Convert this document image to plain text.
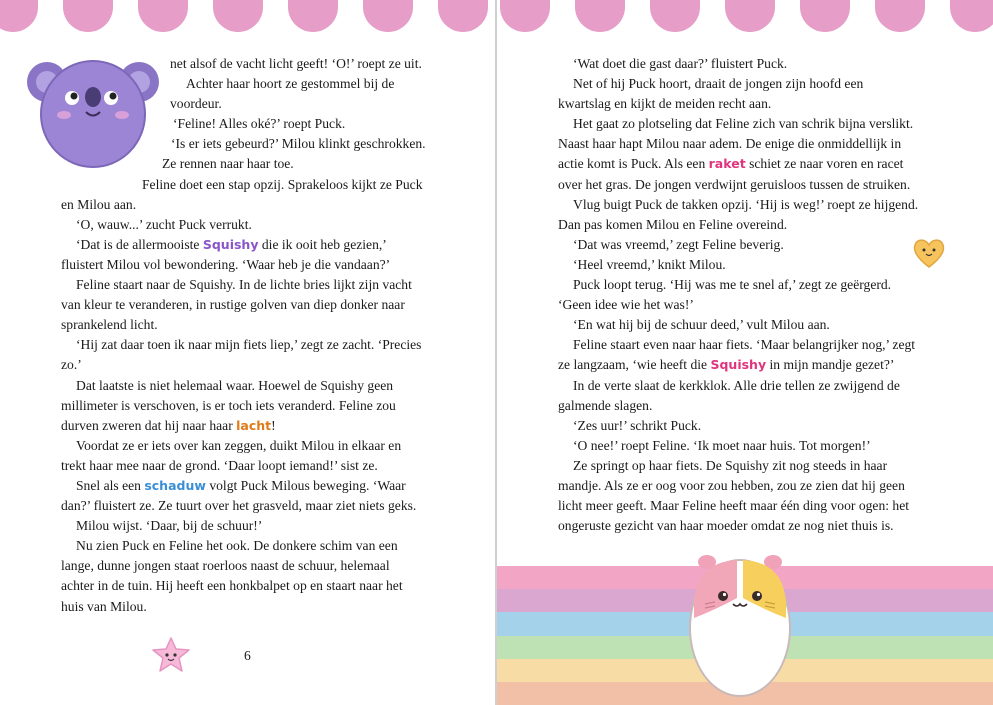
net alsof de vacht licht geeft! ‘O!’ roept ze uit.

Achter haar hoort ze gestommel bij de

voordeur.

‘Feline! Alles oké?’ roept Puck.

‘Is er iets gebeurd?’ Milou klinkt geschrokken.

Ze rennen naar haar toe.

Feline doet een stap opzij. Sprakeloos kijkt ze Puck

en Milou aan.

‘O, wauw...’ zucht Puck verrukt.

‘Dat is de allermooiste Squishy die ik ooit heb gezien,’

fluistert Milou vol bewondering. ‘Waar heb je die vandaan?’

Feline staart naar de Squishy. In de lichte bries lijkt zijn vacht

van kleur te veranderen, in rustige golven van diep donker naar

sprankelend licht.

‘Hij zat daar toen ik naar mijn fiets liep,’ zegt ze zacht. ‘Precies

zo.’

Dat laatste is niet helemaal waar. Hoewel de Squishy geen

millimeter is verschoven, is er toch iets veranderd. Feline zou

durven zweren dat hij naar haar lacht!

Voordat ze er iets over kan zeggen, duikt Milou in elkaar en

trekt haar mee naar de grond. ‘Daar loopt iemand!’ sist ze.

Snel als een schaduw volgt Puck Milous beweging. ‘Waar

dan?’ fluistert ze. Ze tuurt over het grasveld, maar ziet niets geks.

Milou wijst. ‘Daar, bij de schuur!’

Nu zien Puck en Feline het ook. De donkere schim van een

lange, dunne jongen staat roerloos naast de schuur, helemaal

achter in de tuin. Hij heeft een honkbalpet op en staart naar het

huis van Milou.

6

‘Wat doet die gast daar?’ fluistert Puck.

Net of hij Puck hoort, draait de jongen zijn hoofd een

kwartslag en kijkt de meiden recht aan.

Het gaat zo plotseling dat Feline zich van schrik bijna verslikt.

Naast haar hapt Milou naar adem. De enige die onmiddellijk in

actie komt is Puck. Als een raket schiet ze naar voren en racet

over het gras. De jongen verdwijnt geruisloos tussen de struiken.

Vlug buigt Puck de takken opzij. ‘Hij is weg!’ roept ze hijgend.

Dan pas komen Milou en Feline overeind.

‘Dat was vreemd,’ zegt Feline beverig.

‘Heel vreemd,’ knikt Milou.

Puck loopt terug. ‘Hij was me te snel af,’ zegt ze geërgerd.

‘Geen idee wie het was!’

‘En wat hij bij de schuur deed,’ vult Milou aan.

Feline staart even naar haar fiets. ‘Maar belangrijker nog,’ zegt

ze langzaam, ‘wie heeft die Squishy in mijn mandje gezet?’

In de verte slaat de kerkklok. Alle drie tellen ze zwijgend de

galmende slagen.

‘Zes uur!’ schrikt Puck.

‘O nee!’ roept Feline. ‘Ik moet naar huis. Tot morgen!’

Ze springt op haar fiets. De Squishy zit nog steeds in haar

mandje. Als ze er oog voor zou hebben, zou ze zien dat hij geen

licht meer geeft. Maar Feline heeft maar één ding voor ogen: het

ongeruste gezicht van haar moeder omdat ze nog niet thuis is.
